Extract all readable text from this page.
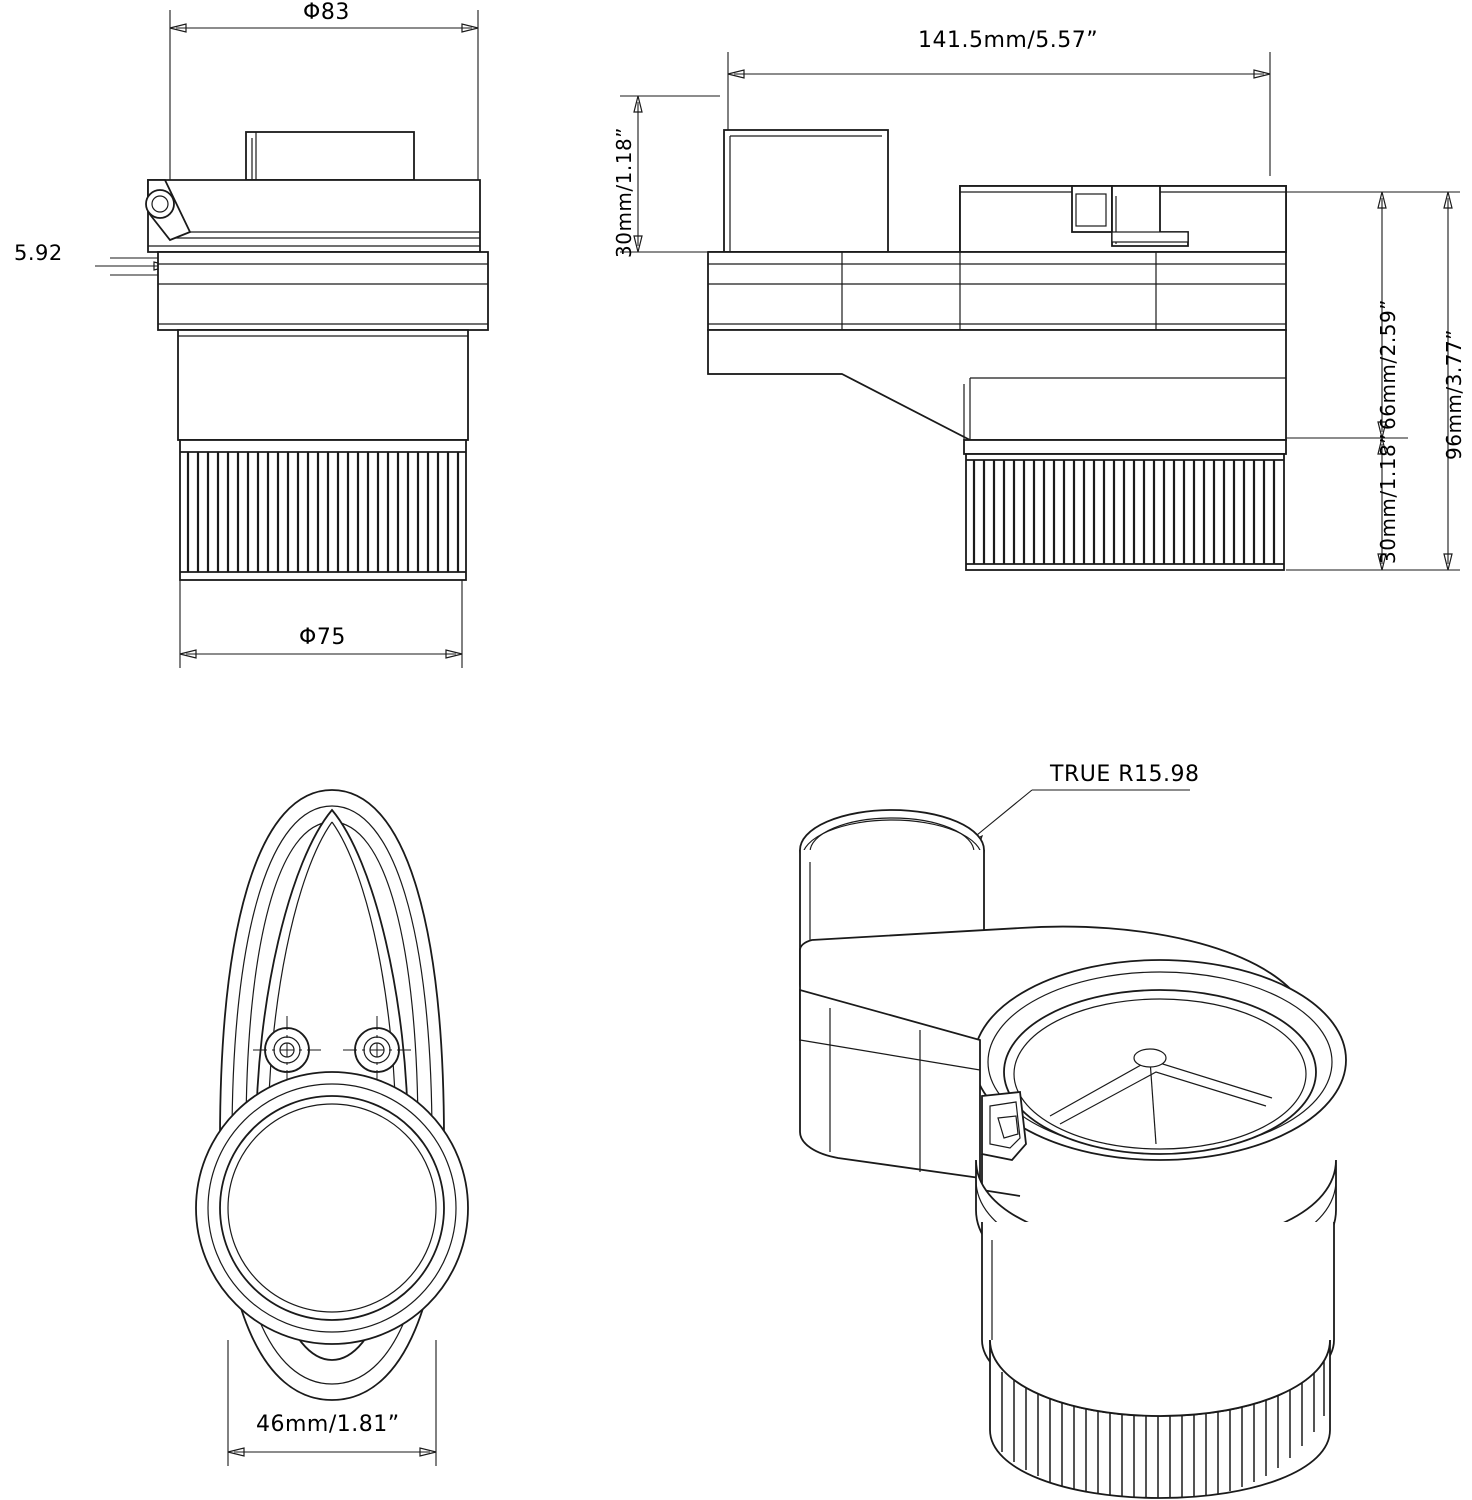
Φ83
5.92
Φ75
141.5mm/5.57”
30mm/1.18”
66mm/2.59”
30mm/1.18”
96mm/3.77”
46mm/1.81”
TRUE R15.98
